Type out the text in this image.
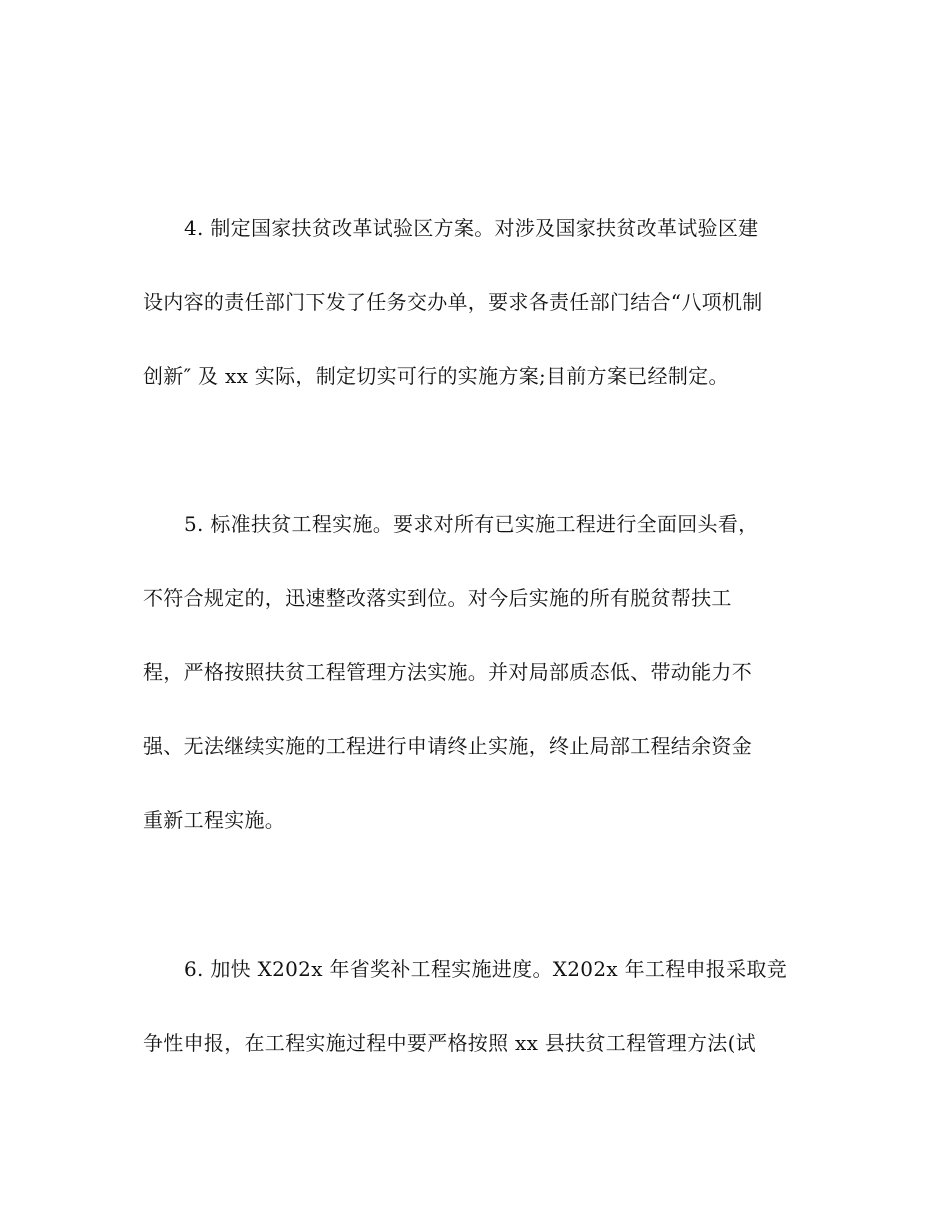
4. 制定国家扶贫改革试验区方案。对涉及国家扶贫改革试验区建
设内容的责任部门下发了任务交办单，要求各责任部门结合“八项机制
创新″ 及 xx 实际，制定切实可行的实施方案;目前方案已经制定。
5. 标准扶贫工程实施。要求对所有已实施工程进行全面回头看，
不符合规定的，迅速整改落实到位。对今后实施的所有脱贫帮扶工
程，严格按照扶贫工程管理方法实施。并对局部质态低、带动能力不
强、无法继续实施的工程进行申请终止实施，终止局部工程结余资金
重新工程实施。
6. 加快 X202x 年省奖补工程实施进度。X202x 年工程申报采取竞
争性申报，在工程实施过程中要严格按照 xx 县扶贫工程管理方法(试
